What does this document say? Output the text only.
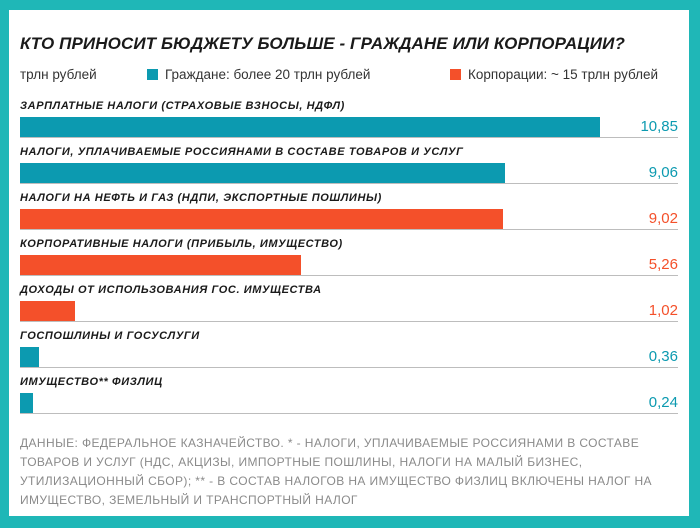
КТО ПРИНОСИТ БЮДЖЕТУ БОЛЬШЕ - ГРАЖДАНЕ ИЛИ КОРПОРАЦИИ?
трлн рублей	Граждане: более 20 трлн рублей	Корпорации: ~ 15 трлн рублей
ЗАРПЛАТНЫЕ НАЛОГИ (СТРАХОВЫЕ ВЗНОСЫ, НДФЛ)
10,85
НАЛОГИ, УПЛАЧИВАЕМЫЕ РОССИЯНАМИ В СОСТАВЕ ТОВАРОВ И УСЛУГ
9,06
НАЛОГИ НА НЕФТЬ И ГАЗ (НДПИ, ЭКСПОРТНЫЕ ПОШЛИНЫ)
9,02
КОРПОРАТИВНЫЕ НАЛОГИ (ПРИБЫЛЬ, ИМУЩЕСТВО)
5,26
ДОХОДЫ ОТ ИСПОЛЬЗОВАНИЯ ГОС. ИМУЩЕСТВА
1,02
ГОСПОШЛИНЫ И ГОСУСЛУГИ
0,36
ИМУЩЕСТВО** ФИЗЛИЦ
0,24
ДАННЫЕ: ФЕДЕРАЛЬНОЕ КАЗНАЧЕЙСТВО. * - НАЛОГИ, УПЛАЧИВАЕМЫЕ РОССИЯНАМИ В СОСТАВЕ ТОВАРОВ И УСЛУГ (НДС, АКЦИЗЫ, ИМПОРТНЫЕ ПОШЛИНЫ, НАЛОГИ НА МАЛЫЙ БИЗНЕС, УТИЛИЗАЦИОННЫЙ СБОР); ** - В СОСТАВ НАЛОГОВ НА ИМУЩЕСТВО ФИЗЛИЦ ВКЛЮЧЕНЫ НАЛОГ НА ИМУЩЕСТВО, ЗЕМЕЛЬНЫЙ И ТРАНСПОРТНЫЙ НАЛОГ
